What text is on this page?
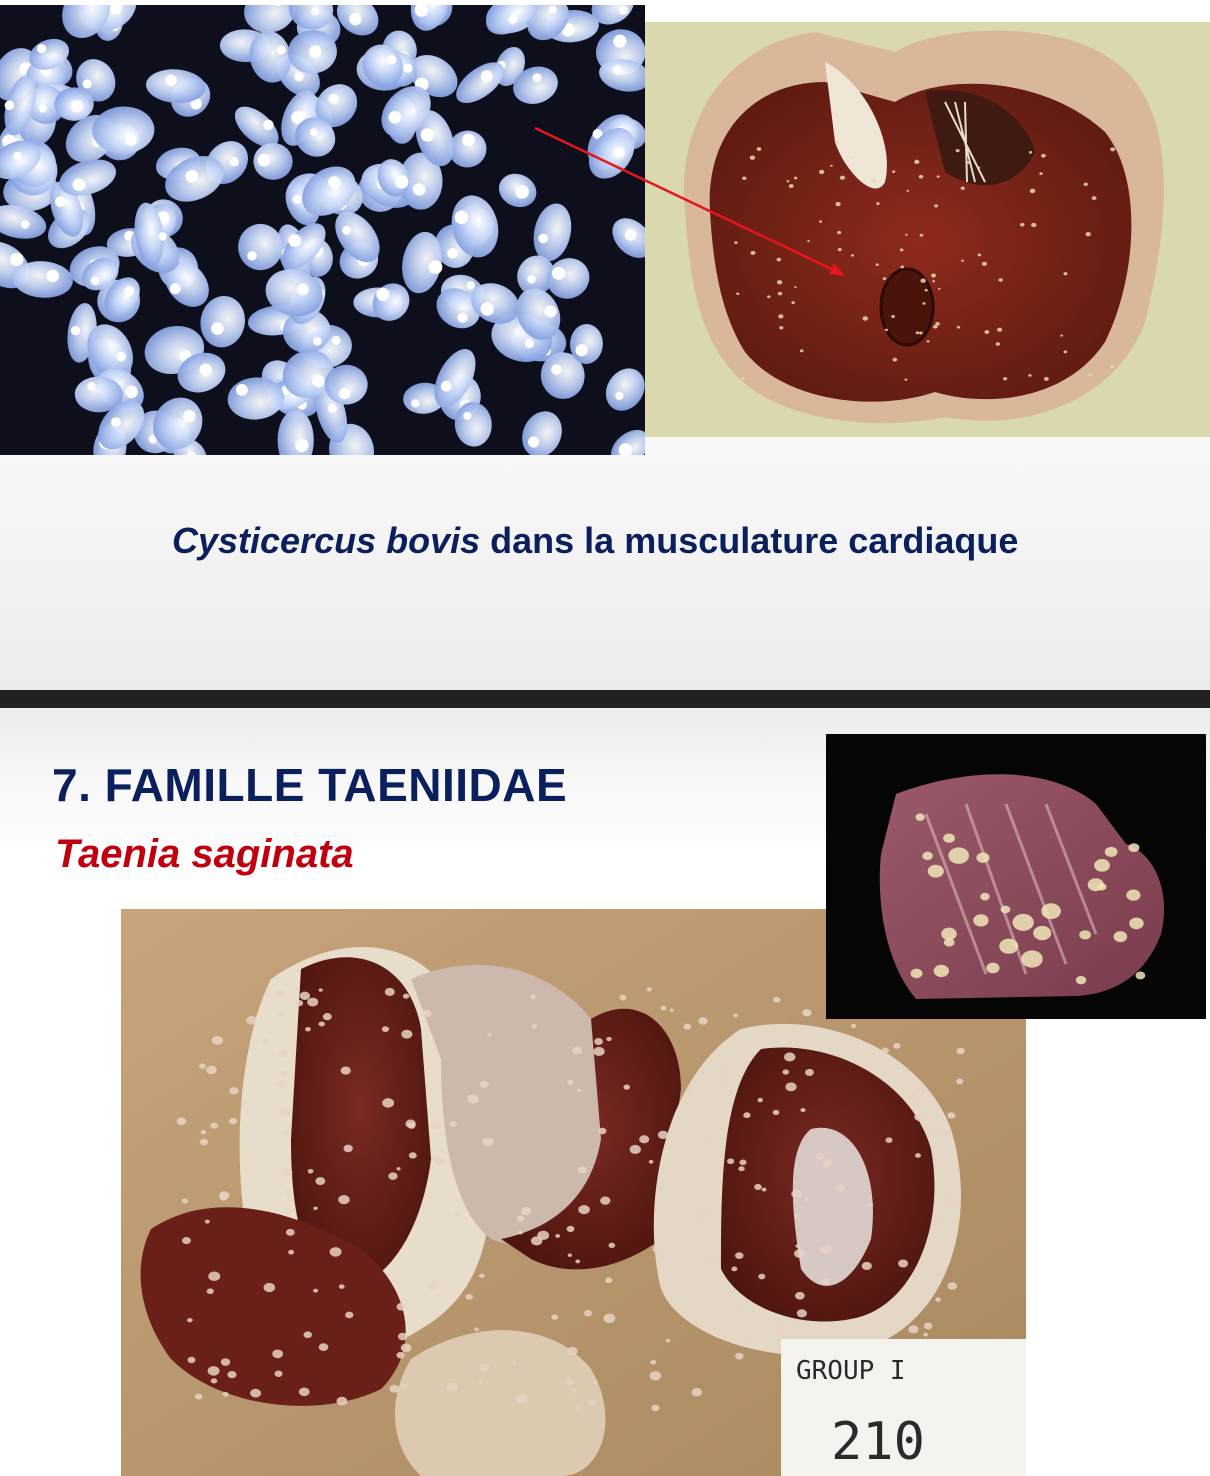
Cysticercus bovis dans la musculature cardiaque
7. FAMILLE TAENIIDAE
Taenia saginata
GROUP I
210
